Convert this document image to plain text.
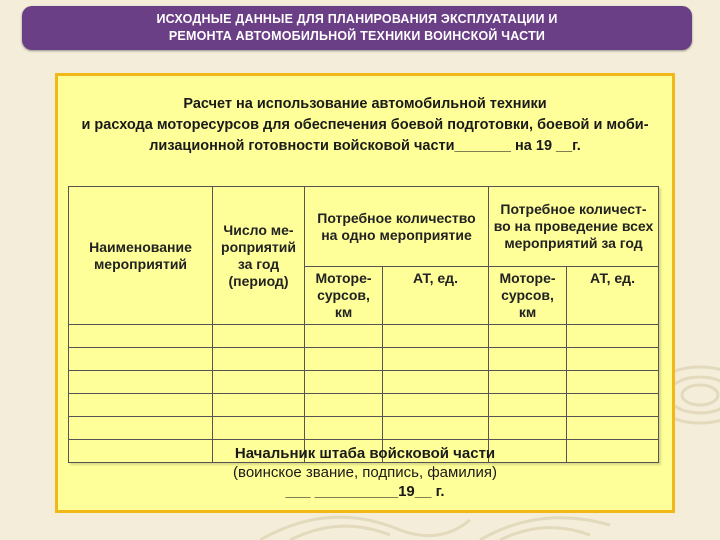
ИСХОДНЫЕ ДАННЫЕ ДЛЯ ПЛАНИРОВАНИЯ ЭКСПЛУАТАЦИИ И
РЕМОНТА АВТОМОБИЛЬНОЙ ТЕХНИКИ ВОИНСКОЙ ЧАСТИ
Расчет на использование автомобильной техники
и расхода моторесурсов для обеспечения боевой подготовки, боевой и моби-
лизационной готовности войсковой части_______ на 19 __г.
Наименование мероприятий	Число ме-роприятий за год (период)	Потребное количество на одно мероприятие		Потребное количест-во на проведение всех мероприятий за год	
		Моторе-сурсов, км	АТ, ед.	Моторе-сурсов, км	АТ, ед.

Начальник штаба войсковой части
(воинское звание, подпись, фамилия)
___ __________19__ г.
